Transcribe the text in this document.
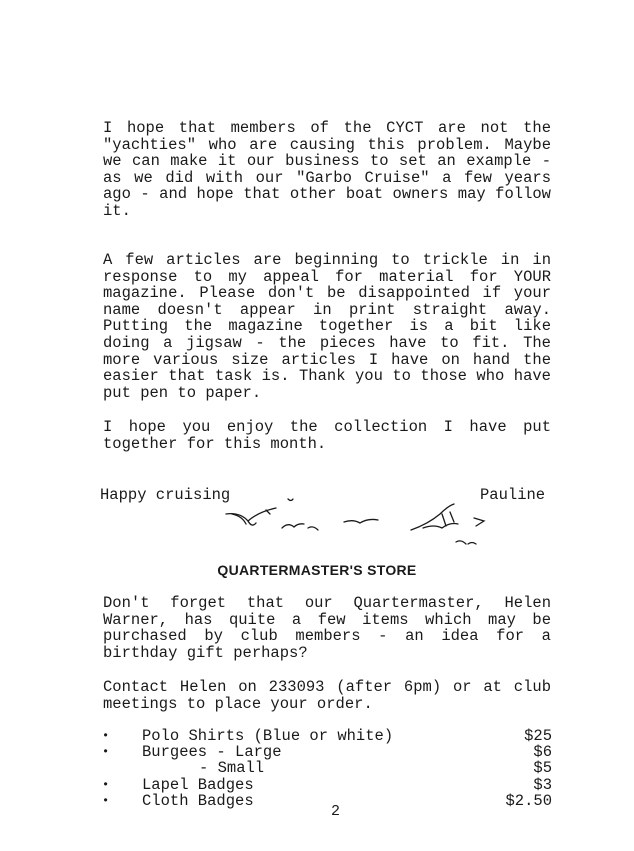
I hope that members of the CYCT are not the "yachties" who are causing this problem. Maybe we can make it our business to set an example - as we did with our "Garbo Cruise" a few years ago - and hope that other boat owners may follow it.
A few articles are beginning to trickle in in response to my appeal for material for YOUR magazine. Please don't be disappointed if your name doesn't appear in print straight away. Putting the magazine together is a bit like doing a jigsaw - the pieces have to fit. The more various size articles I have on hand the easier that task is. Thank you to those who have put pen to paper.
I hope you enjoy the collection I have put together for this month.
Happy cruising	Pauline
QUARTERMASTER'S STORE
Don't forget that our Quartermaster, Helen Warner, has quite a few items which may be purchased by club members - an idea for a birthday gift perhaps?
Contact Helen on 233093 (after 6pm) or at club meetings to place your order.
• Polo Shirts (Blue or white)	$25
• Burgees - Large	$6
- Small	$5
• Lapel Badges	$3
• Cloth Badges	$2.50
2
